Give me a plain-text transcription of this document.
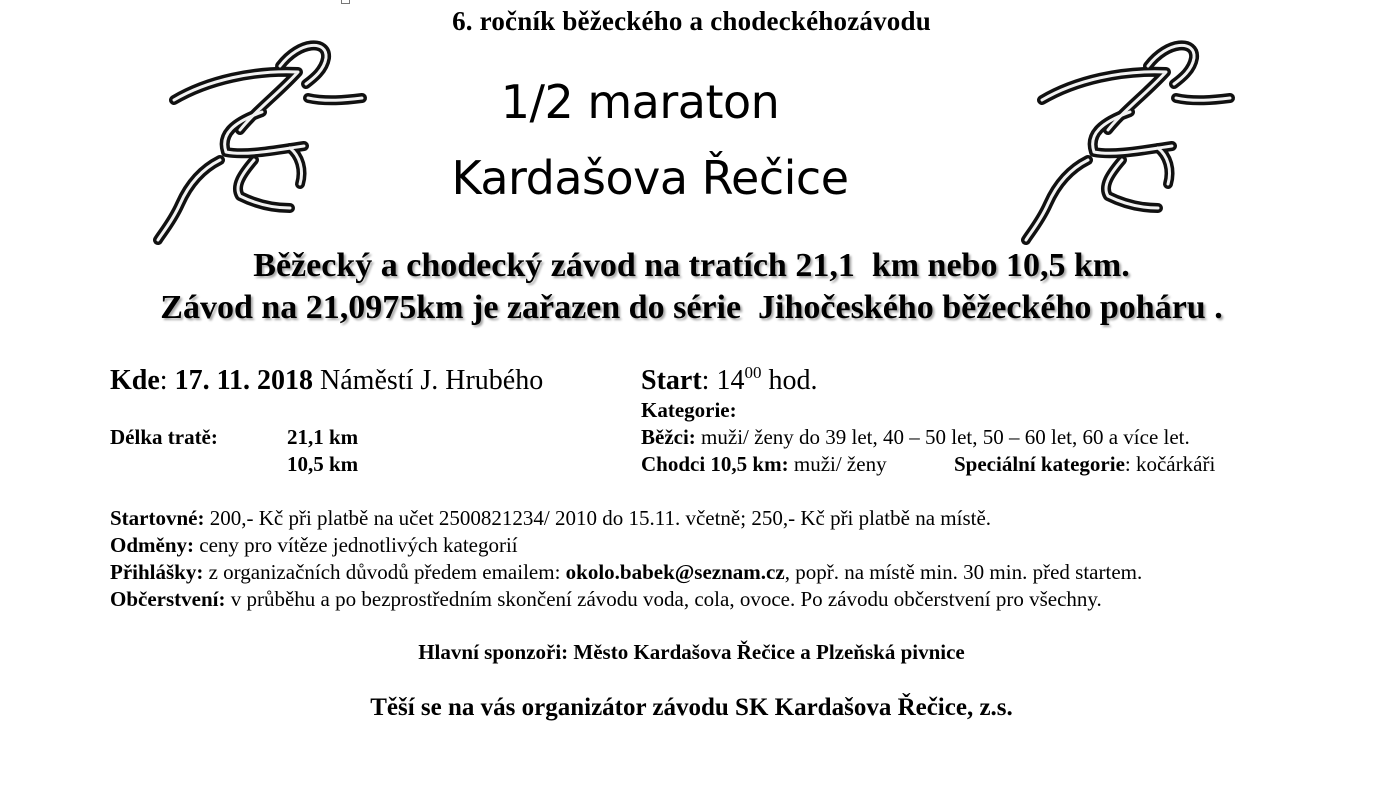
6. ročník běžeckého a chodeckéhozávodu
1/2 maraton
Kardašova Řečice
Běžecký a chodecký závod na tratích 21,1  km nebo 10,5 km.
Závod na 21,0975km je zařazen do série  Jihočeského běžeckého poháru .
Kde: 17. 11. 2018 Náměstí J. Hrubého	Start: $14^{00}$ hod.
Kategorie:
Délka tratě:	21,1 km
10,5 km
Běžci: muži/ ženy do 39 let, 40 – 50 let, 50 – 60 let, 60 a více let.
Chodci 10,5 km: muži/ ženy	Speciální kategorie: kočárkáři
Startovné: 200,- Kč při platbě na učet 2500821234/ 2010 do 15.11. včetně; 250,- Kč při platbě na místě.
Odměny: ceny pro vítěze jednotlivých kategorií
Přihlášky: z organizačních důvodů předem emailem: okolo.babek@seznam.cz, popř. na místě min. 30 min. před startem.
Občerstvení: v průběhu a po bezprostředním skončení závodu voda, cola, ovoce. Po závodu občerstvení pro všechny.
Hlavní sponzoři: Město Kardašova Řečice a Plzeňská pivnice
Těší se na vás organizátor závodu SK Kardašova Řečice, z.s.
